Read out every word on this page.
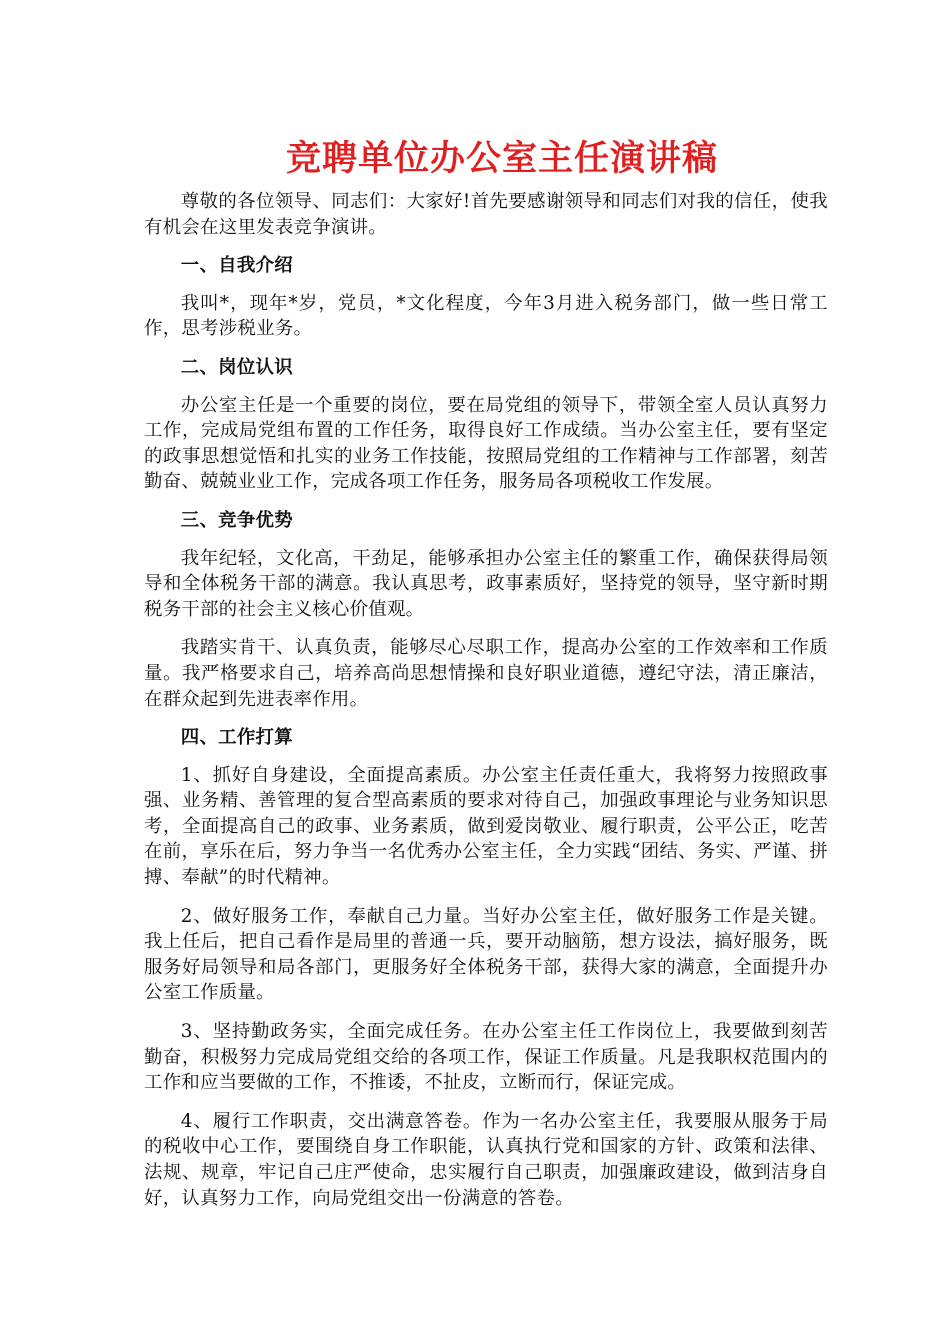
竞聘单位办公室主任演讲稿

尊敬的各位领导、同志们：大家好!首先要感谢领导和同志们对我的信任，使我有机会在这里发表竞争演讲。

一、自我介绍

我叫*，现年*岁，党员，*文化程度，今年3月进入税务部门，做一些日常工作，思考涉税业务。

二、岗位认识

办公室主任是一个重要的岗位，要在局党组的领导下，带领全室人员认真努力工作，完成局党组布置的工作任务，取得良好工作成绩。当办公室主任，要有坚定的政事思想觉悟和扎实的业务工作技能，按照局党组的工作精神与工作部署，刻苦勤奋、兢兢业业工作，完成各项工作任务，服务局各项税收工作发展。

三、竞争优势

我年纪轻，文化高，干劲足，能够承担办公室主任的繁重工作，确保获得局领导和全体税务干部的满意。我认真思考，政事素质好，坚持党的领导，坚守新时期税务干部的社会主义核心价值观。

我踏实肯干、认真负责，能够尽心尽职工作，提高办公室的工作效率和工作质量。我严格要求自己，培养高尚思想情操和良好职业道德，遵纪守法，清正廉洁，在群众起到先进表率作用。

四、工作打算

1、抓好自身建设，全面提高素质。办公室主任责任重大，我将努力按照政事强、业务精、善管理的复合型高素质的要求对待自己，加强政事理论与业务知识思考，全面提高自己的政事、业务素质，做到爱岗敬业、履行职责，公平公正，吃苦在前，享乐在后，努力争当一名优秀办公室主任，全力实践“团结、务实、严谨、拼搏、奉献”的时代精神。

2、做好服务工作，奉献自己力量。当好办公室主任，做好服务工作是关键。我上任后，把自己看作是局里的普通一兵，要开动脑筋，想方设法，搞好服务，既服务好局领导和局各部门，更服务好全体税务干部，获得大家的满意，全面提升办公室工作质量。

3、坚持勤政务实，全面完成任务。在办公室主任工作岗位上，我要做到刻苦勤奋，积极努力完成局党组交给的各项工作，保证工作质量。凡是我职权范围内的工作和应当要做的工作，不推诿，不扯皮，立断而行，保证完成。

4、履行工作职责，交出满意答卷。作为一名办公室主任，我要服从服务于局的税收中心工作，要围绕自身工作职能，认真执行党和国家的方针、政策和法律、法规、规章，牢记自己庄严使命，忠实履行自己职责，加强廉政建设，做到洁身自好，认真努力工作，向局党组交出一份满意的答卷。
